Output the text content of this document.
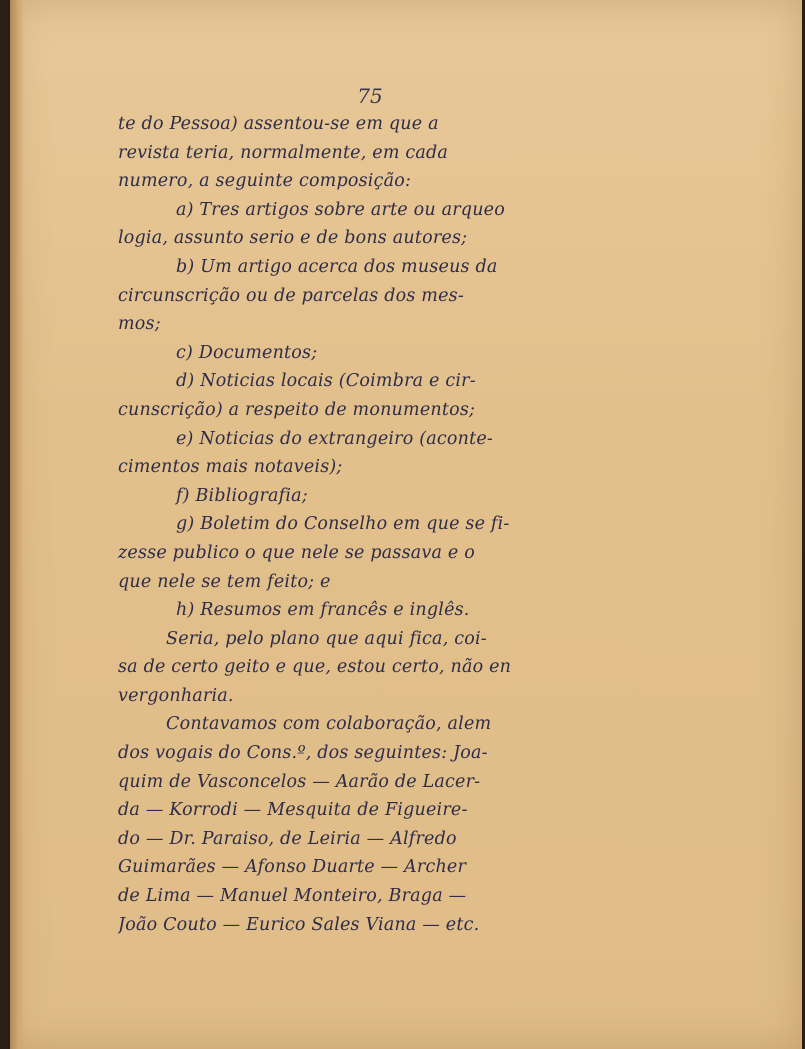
75
te do Pessoa) assentou-se em que a
revista teria, normalmente, em cada
numero, a seguinte composição:
a) Tres artigos sobre arte ou arqueo
logia, assunto serio e de bons autores;
b) Um artigo acerca dos museus da
circunscrição ou de parcelas dos mes-
mos;
c) Documentos;
d) Noticias locais (Coimbra e cir-
cunscrição) a respeito de monumentos;
e) Noticias do extrangeiro (aconte-
cimentos mais notaveis);
f) Bibliografia;
g) Boletim do Conselho em que se fi-
zesse publico o que nele se passava e o
que nele se tem feito; e
h) Resumos em francês e inglês.
Seria, pelo plano que aqui fica, coi-
sa de certo geito e que, estou certo, não en
vergonharia.
Contavamos com colaboração, alem
dos vogais do Cons.º, dos seguintes: Joa-
quim de Vasconcelos — Aarão de Lacer-
da — Korrodi — Mesquita de Figueire-
do — Dr. Paraiso, de Leiria — Alfredo
Guimarães — Afonso Duarte — Archer
de Lima — Manuel Monteiro, Braga —
João Couto — Eurico Sales Viana — etc.
